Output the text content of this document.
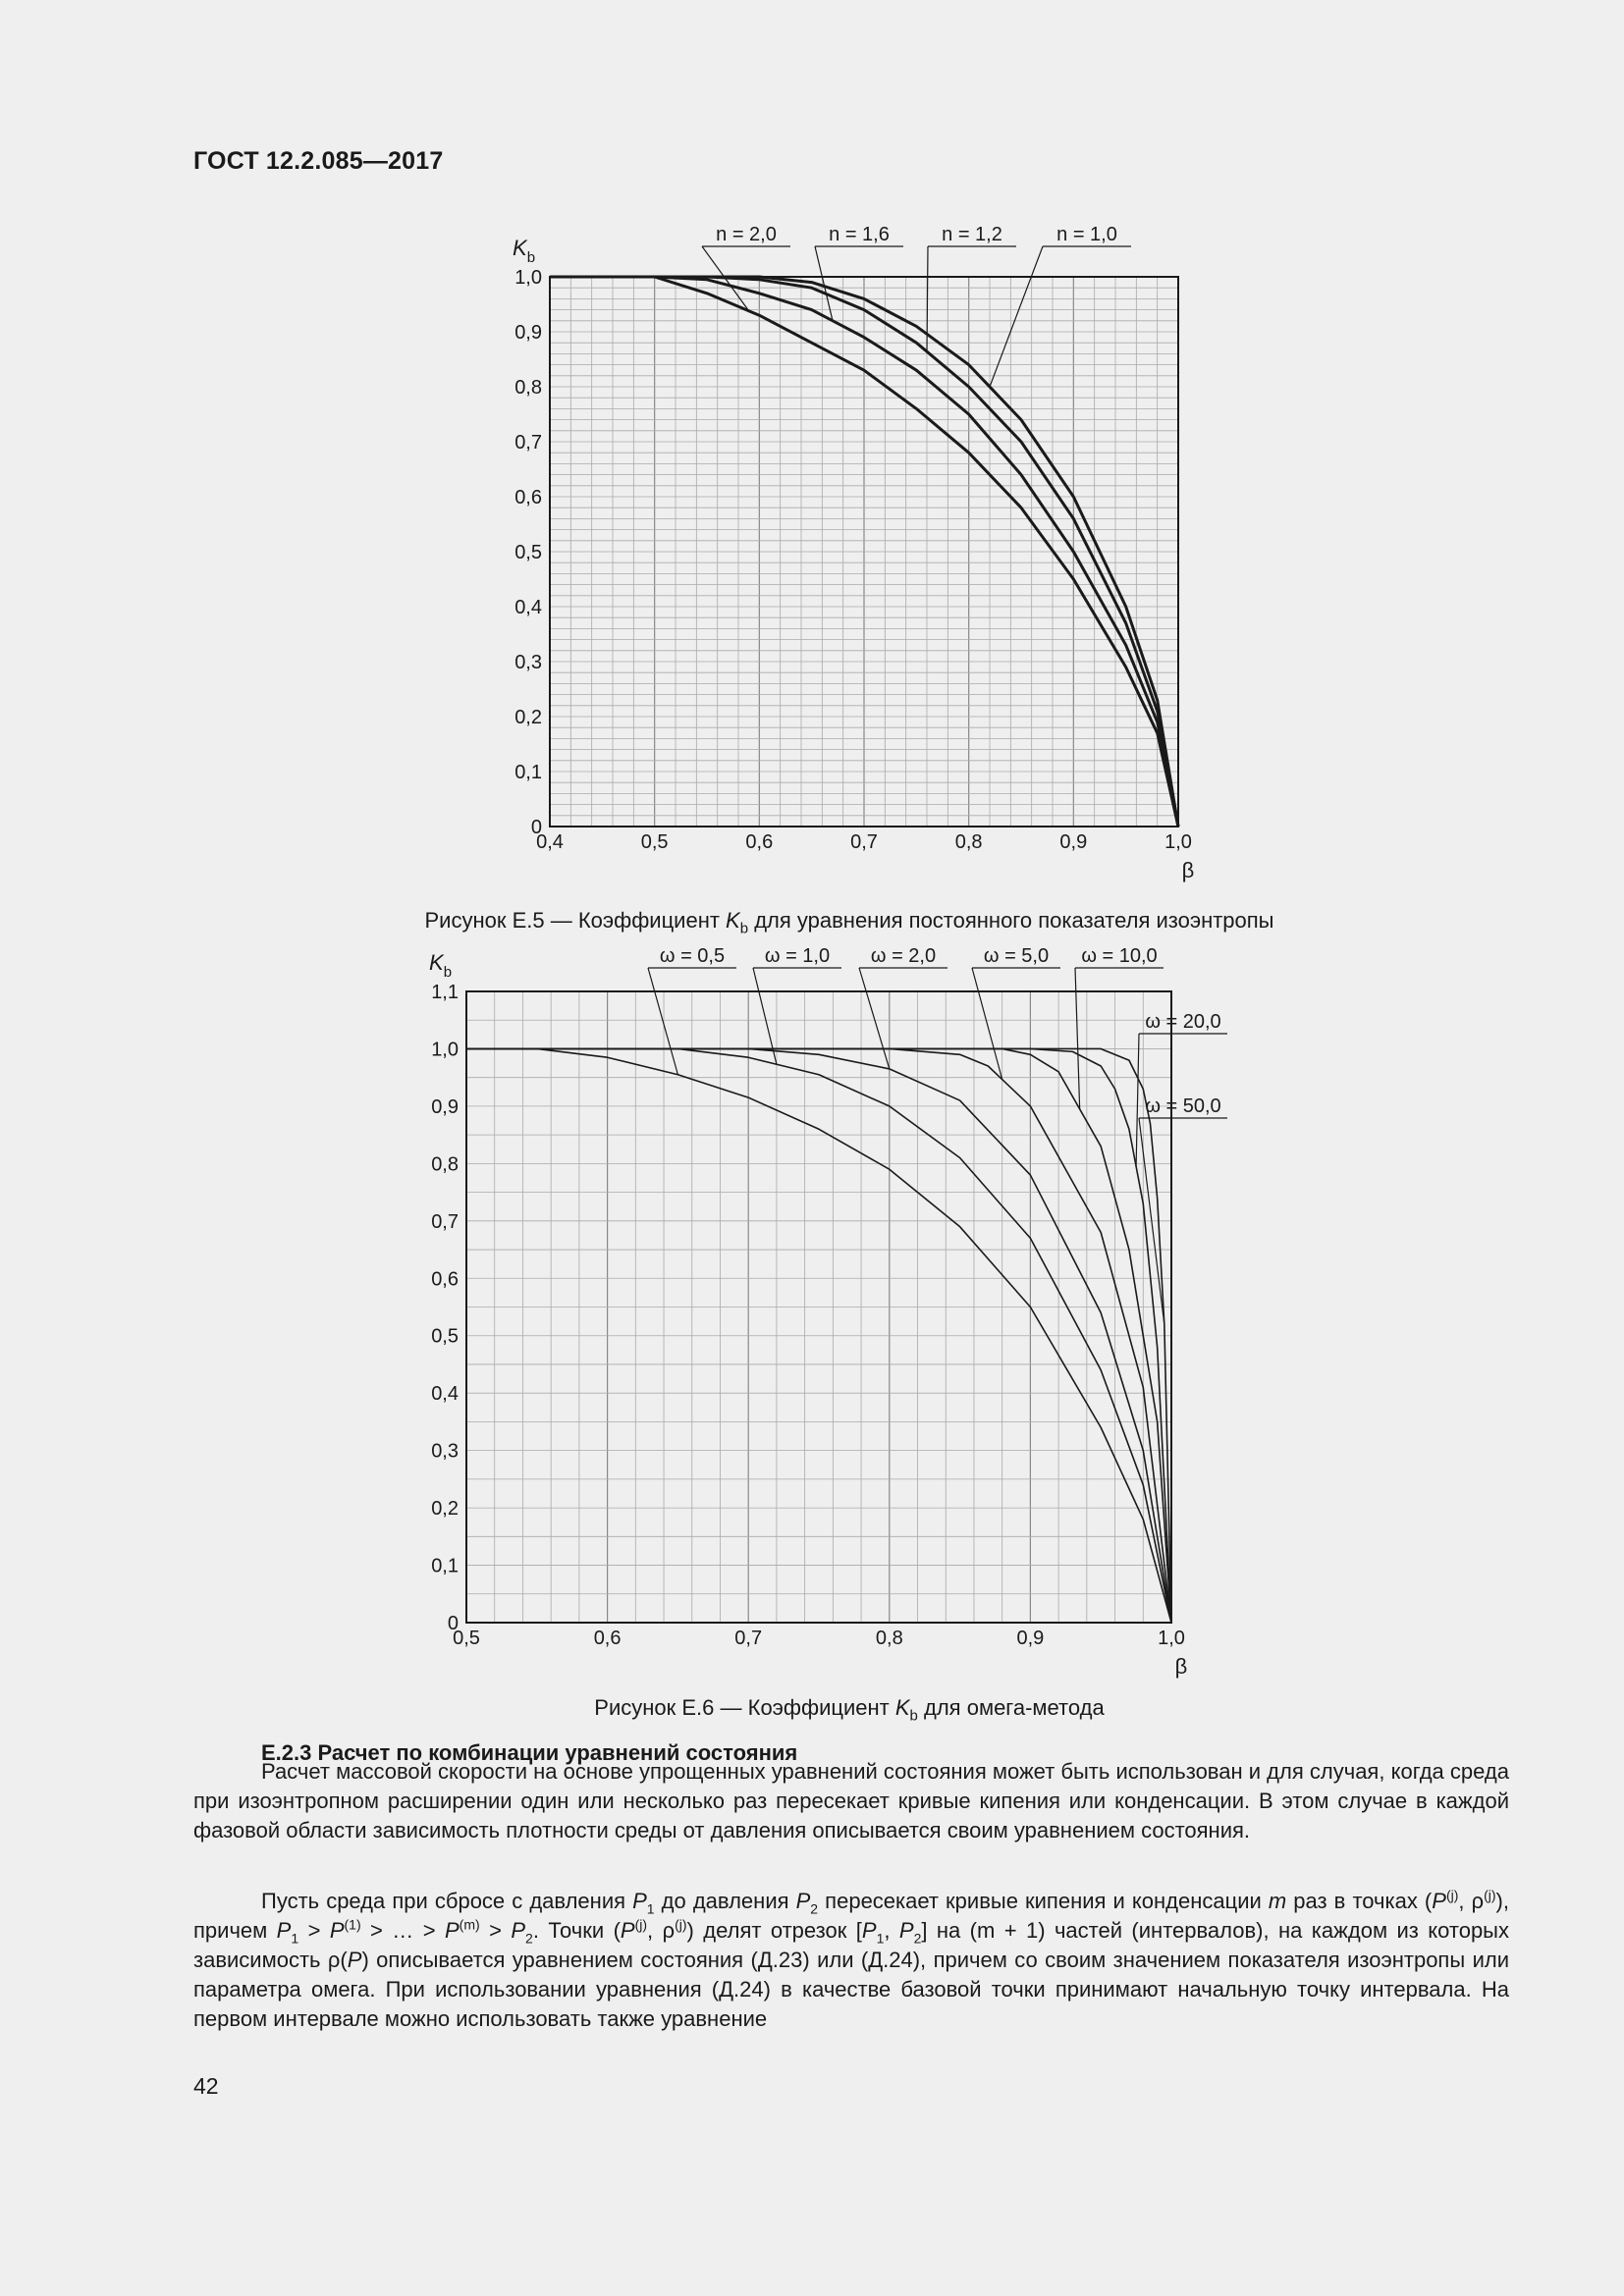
ГОСТ 12.2.085—2017
0,4	0,5	0,6	0,7	0,8	0,9	1,0
0
0,1
0,2
0,3
0,4
0,5
0,6
0,7
0,8
0,9
1,0
$K_b$
β
n = 2,0	n = 1,6	n = 1,2	n = 1,0
Рисунок Е.5 — Коэффициент $K_b$ для уравнения постоянного показателя изоэнтропы
0,5	0,6	0,7	0,8	0,9	1,0
0
0,1
0,2
0,3
0,4
0,5
0,6
0,7
0,8
0,9
1,0
1,1
$K_b$
β
ω = 0,5 ω = 1,0 ω = 2,0 ω = 5,0 ω = 10,0
ω = 20,0
ω = 50,0
Рисунок Е.6 — Коэффициент $K_b$ для омега-метода
Е.2.3 Расчет по комбинации уравнений состояния

Расчет массовой скорости на основе упрощенных уравнений состояния может быть использован и для случая, когда среда при изоэнтропном расширении один или несколько раз пересекает кривые кипения или конденсации. В этом случае в каждой фазовой области зависимость плотности среды от давления описывается своим уравнением состояния.

Пусть среда при сбросе с давления $P_1$ до давления $P_2$ пересекает кривые кипения и конденсации m раз в точках ($P^{(j)}$, $\rho^{(j)}$), причем $P_1 > P^{(1)}$ > … > $P^{(m)} > P_2$. Точки ($P^{(j)}$, $\rho^{(j)}$) делят отрезок [$P_1$, $P_2$] на (m + 1) частей (интервалов), на каждом из которых зависимость ρ(P) описывается уравнением состояния (Д.23) или (Д.24), причем со своим значением показателя изоэнтропы или параметра омега. При использовании уравнения (Д.24) в качестве базовой точки принимают начальную точку интервала. На первом интервале можно использовать также уравнение

42
